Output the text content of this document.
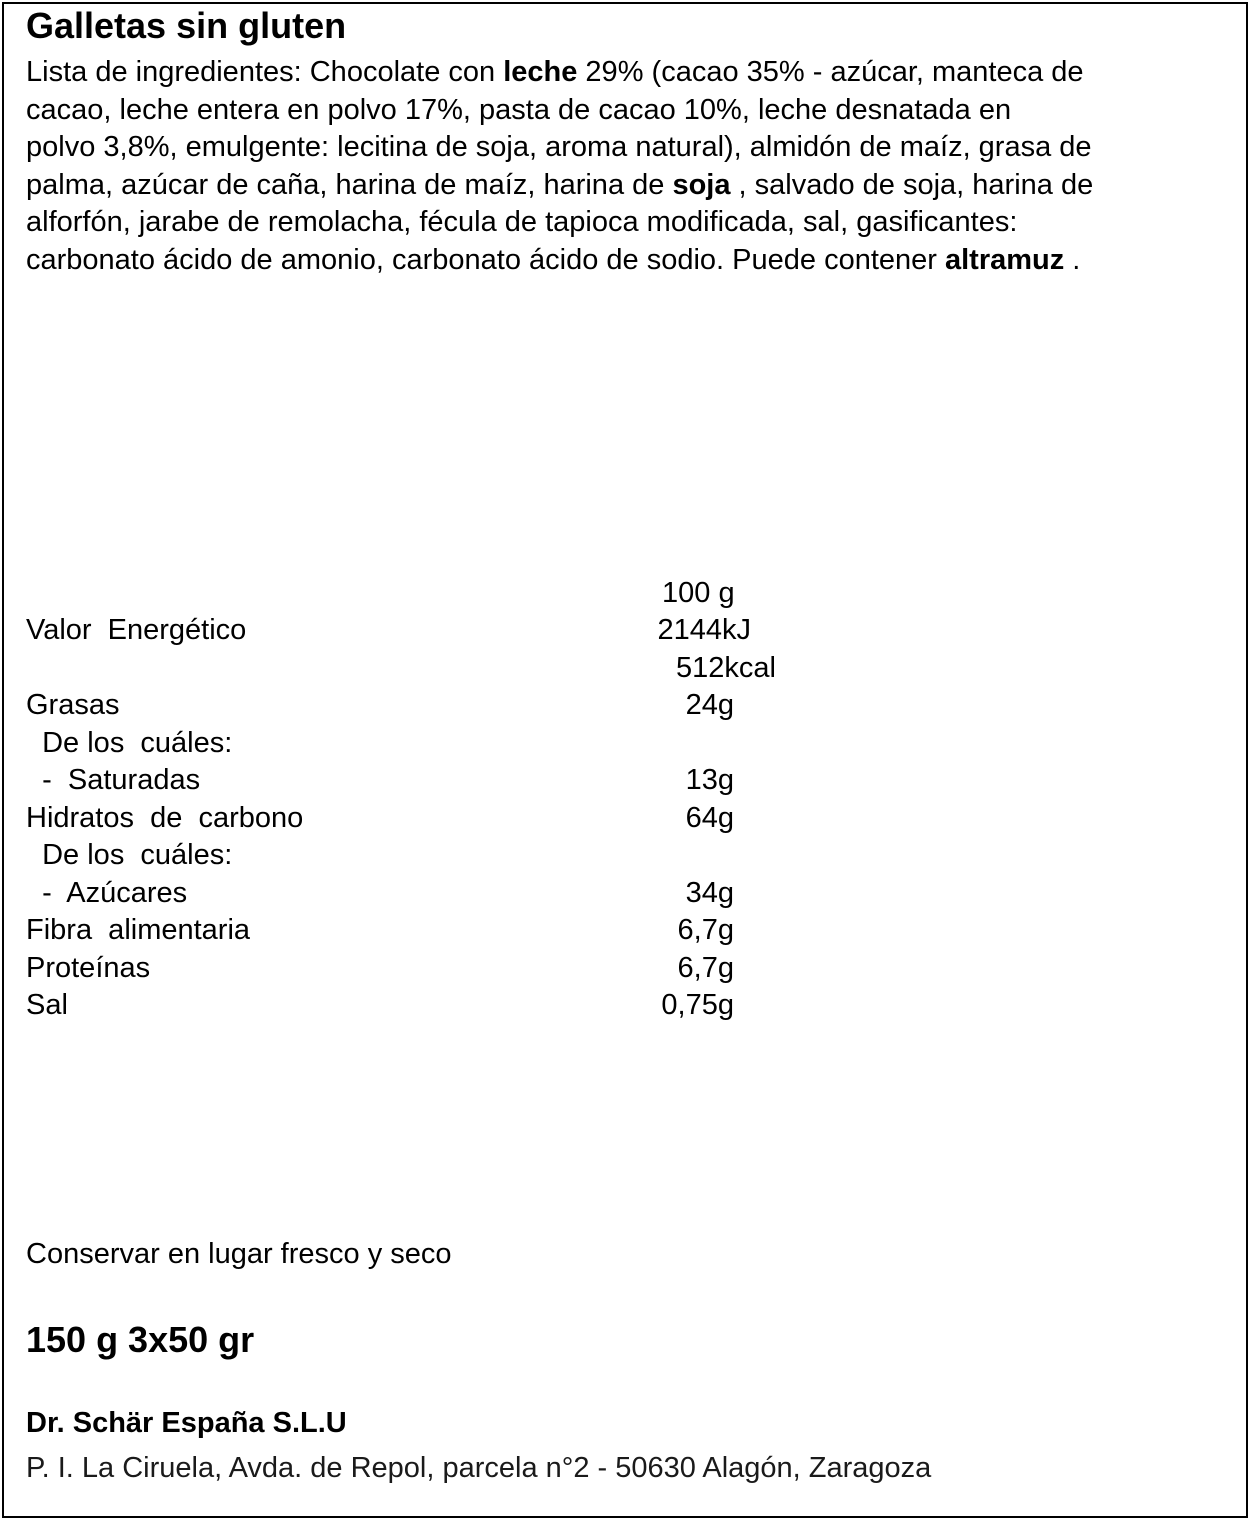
Galletas sin gluten
Lista de ingredientes: Chocolate con leche 29% (cacao 35% - azúcar, manteca de
cacao, leche entera en polvo 17%, pasta de cacao 10%, leche desnatada en
polvo 3,8%, emulgente: lecitina de soja, aroma natural), almidón de maíz, grasa de
palma, azúcar de caña, harina de maíz, harina de soja , salvado de soja, harina de
alforfón, jarabe de remolacha, fécula de tapioca modificada, sal, gasificantes:
carbonato ácido de amonio, carbonato ácido de sodio. Puede contener altramuz .
100 g
Valor  Energético	2144kJ
512kcal
Grasas	24g
De los  cuáles:
-  Saturadas	13g
Hidratos  de  carbono	64g
De los  cuáles:
-  Azúcares	34g
Fibra  alimentaria	6,7g
Proteínas	6,7g
Sal	0,75g
Conservar en lugar fresco y seco
150 g 3x50 gr
Dr. Schär España S.L.U
P. I. La Ciruela, Avda. de Repol, parcela n°2 - 50630 Alagón, Zaragoza
